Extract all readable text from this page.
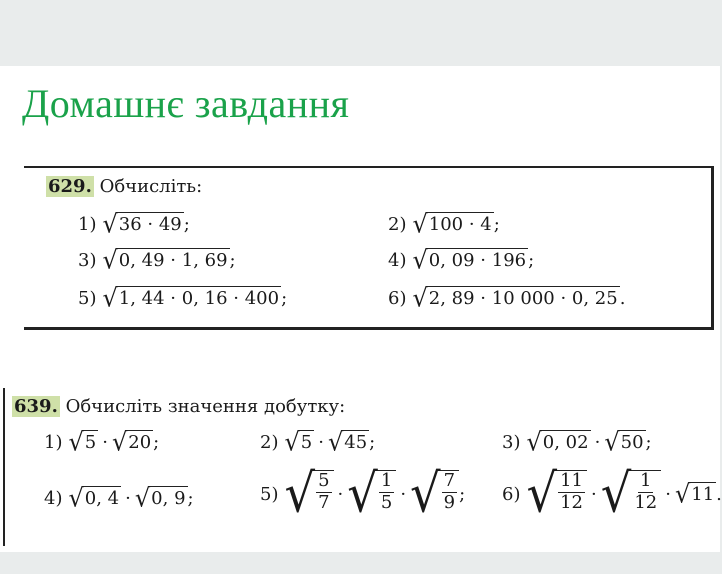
Домашнє завдання
629. Обчисліть:
1) √ 36 · 49 ;	2) √ 100 · 4 ;
3) √ 0, 49 · 1, 69 ;	4) √ 0, 09 · 196 ;
5) √ 1, 44 · 0, 16 · 400 ;	6) √ 2, 89 · 10 000 · 0, 25 .
639. Обчисліть значення добутку:
1) √ 5 · √ 20 ;	2) √ 5 · √ 45 ;	3) √ 0, 02 · √ 50 ;
4) √ 0, 4 · √ 0, 9 ;	5) √ $\frac{5}{7}$ · √ $\frac{1}{5}$ · √ $\frac{7}{9}$ ; 6) √ $\frac{11}{12}$ · √ $\frac{1}{12}$ · √ 11 .
